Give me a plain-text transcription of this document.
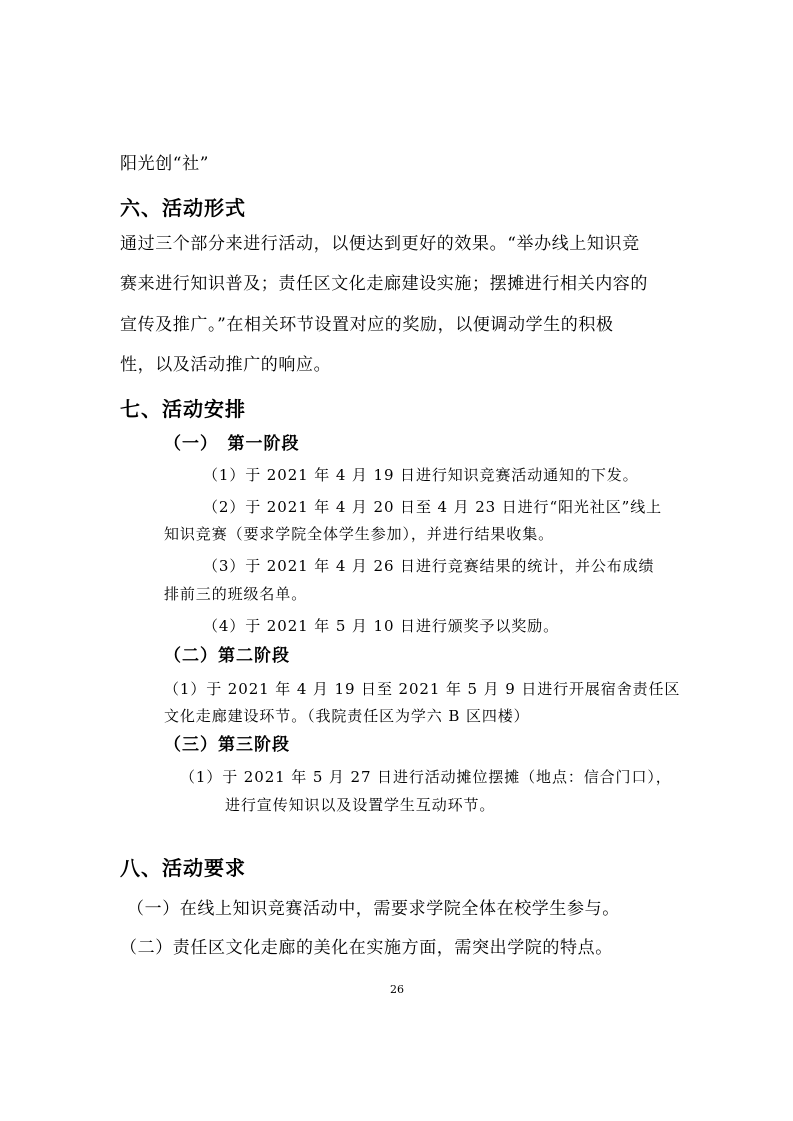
阳光创“社”

六、活动形式

通过三个部分来进行活动，以便达到更好的效果。“举办线上知识竞

赛来进行知识普及；责任区文化走廊建设实施；摆摊进行相关内容的

宣传及推广。”在相关环节设置对应的奖励，以便调动学生的积极

性，以及活动推广的响应。

七、活动安排

（一）　第一阶段

（1）于 2021 年 4 月 19 日进行知识竞赛活动通知的下发。

（2）于 2021 年 4 月 20 日至 4 月 23 日进行“阳光社区”线上

知识竞赛（要求学院全体学生参加），并进行结果收集。

（3）于 2021 年 4 月 26 日进行竞赛结果的统计，并公布成绩

排前三的班级名单。

（4）于 2021 年 5 月 10 日进行颁奖予以奖励。

（二）第二阶段

（1）于 2021 年 4 月 19 日至 2021 年 5 月 9 日进行开展宿舍责任区

文化走廊建设环节。（我院责任区为学六 B 区四楼）

（三）第三阶段

（1）于 2021 年 5 月 27 日进行活动摊位摆摊（地点：信合门口），

进行宣传知识以及设置学生互动环节。

八、活动要求

（一）在线上知识竞赛活动中，需要求学院全体在校学生参与。

（二）责任区文化走廊的美化在实施方面，需突出学院的特点。

26
